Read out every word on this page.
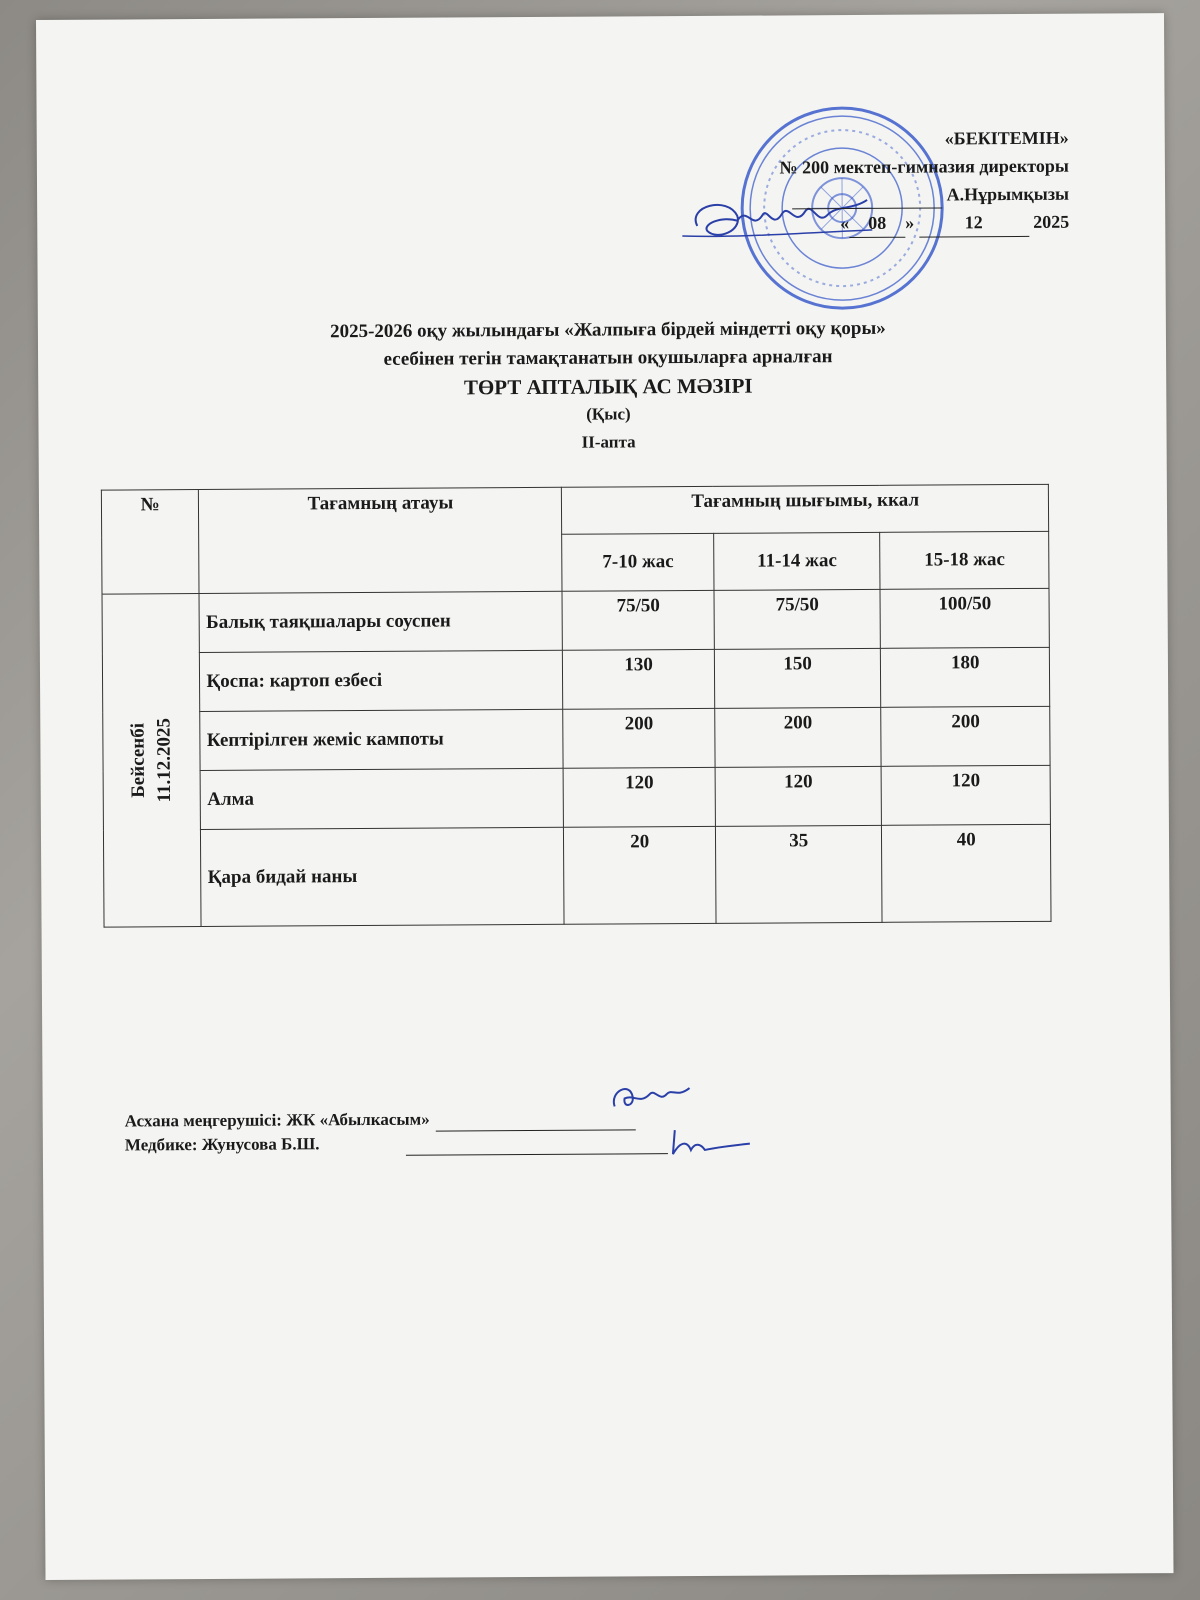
«БЕКІТЕМІН»
№ 200 мектеп-гимназия директоры
А.Нұрымқызы
« 08 »	12	2025
2025-2026 оқу жылындағы «Жалпыға бірдей міндетті оқу қоры»
есебінен тегін тамақтанатын оқушыларға арналған
ТӨРТ АПТАЛЫҚ АС МӘЗІРІ
(Қыс)
ІІ-апта
№	Тағамның атауы	Тағамның шығымы, ккал		
		7-10 жас	11-14 жас	15-18 жас

Бейсенбі 11.12.2025	Балық таяқшалары соуспен	75/50	75/50	100/50
	Қоспа: картоп езбесі	130	150	180
	Кептірілген жеміс кампоты	200	200	200
	Алма	120	120	120
	Қара бидай наны	20	35	40
Асхана меңгерушісі: ЖК «Абылкасым»
Медбике: Жунусова Б.Ш.
